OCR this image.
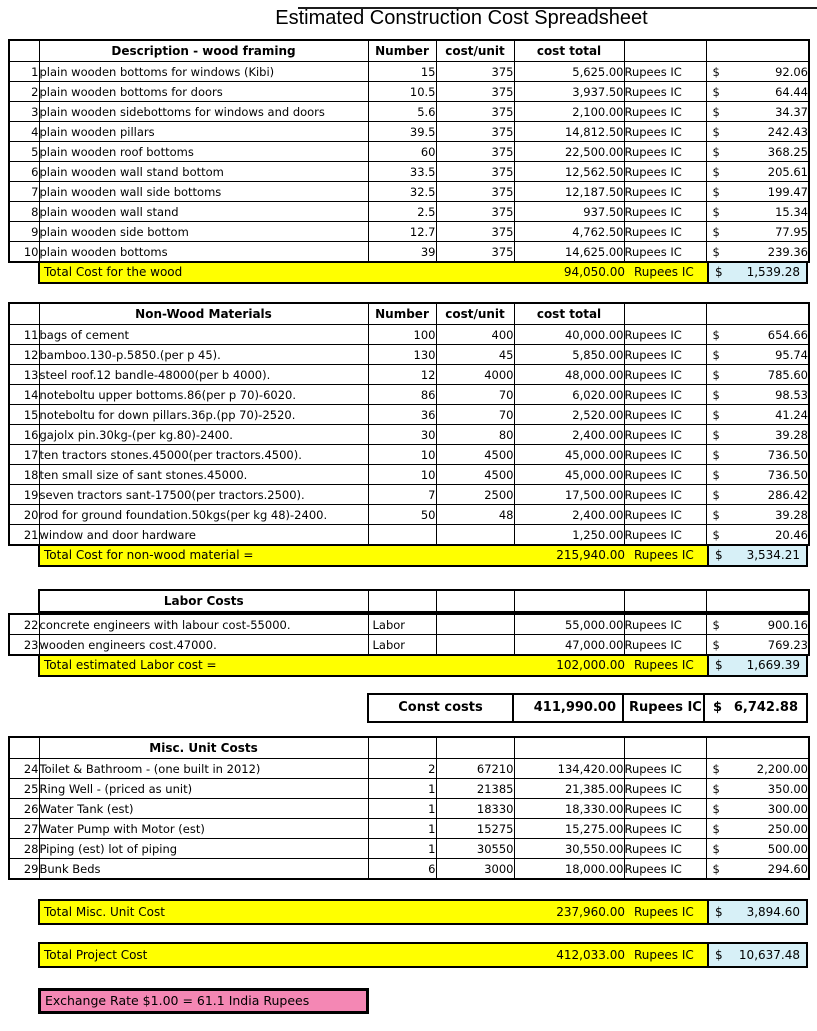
Estimated Construction Cost Spreadsheet
	Description - wood framing	Number	cost/unit	cost total		
1	plain wooden bottoms for windows (Kibi)	15	375	5,625.00	Rupees IC	$ 92.06
2	plain wooden bottoms for doors	10.5	375	3,937.50	Rupees IC	$ 64.44
3	plain wooden sidebottoms for windows and doors	5.6	375	2,100.00	Rupees IC	$ 34.37
4	plain wooden pillars	39.5	375	14,812.50	Rupees IC	$ 242.43
5	plain wooden roof bottoms	60	375	22,500.00	Rupees IC	$ 368.25
6	plain wooden wall stand bottom	33.5	375	12,562.50	Rupees IC	$ 205.61
7	plain wooden wall side bottoms	32.5	375	12,187.50	Rupees IC	$ 199.47
8	plain wooden wall stand	2.5	375	937.50	Rupees IC	$ 15.34
9	plain wooden side bottom	12.7	375	4,762.50	Rupees IC	$ 77.95
10	plain wooden bottoms	39	375	14,625.00	Rupees IC	$ 239.36
Total Cost for the wood	94,050.00 Rupees IC	$ 1,539.28
	Non-Wood Materials	Number	cost/unit	cost total		
11	bags of cement	100	400	40,000.00	Rupees IC	$ 654.66
12	bamboo.130-p.5850.(per p 45).	130	45	5,850.00	Rupees IC	$ 95.74
13	steel roof.12 bandle-48000(per b 4000).	12	4000	48,000.00	Rupees IC	$ 785.60
14	noteboltu upper bottoms.86(per p 70)-6020.	86	70	6,020.00	Rupees IC	$ 98.53
15	noteboltu for down pillars.36p.(pp 70)-2520.	36	70	2,520.00	Rupees IC	$ 41.24
16	gajolx pin.30kg-(per kg.80)-2400.	30	80	2,400.00	Rupees IC	$ 39.28
17	ten tractors stones.45000(per tractors.4500).	10	4500	45,000.00	Rupees IC	$ 736.50
18	ten small size of sant stones.45000.	10	4500	45,000.00	Rupees IC	$ 736.50
19	seven tractors sant-17500(per tractors.2500).	7	2500	17,500.00	Rupees IC	$ 286.42
20	rod for ground foundation.50kgs(per kg 48)-2400.	50	48	2,400.00	Rupees IC	$ 39.28
21	window and door hardware			1,250.00	Rupees IC	$ 20.46
Total Cost for non-wood material =	215,940.00 Rupees IC	$ 3,534.21
Labor Costs					
22	concrete engineers with labour cost-55000.	Labor		55,000.00	Rupees IC	$ 900.16
23	wooden engineers cost.47000.	Labor		47,000.00	Rupees IC	$ 769.23
Total estimated Labor cost =	102,000.00 Rupees IC	$ 1,669.39
Const costs	411,990.00	Rupees IC $ 6,742.88
	Misc. Unit Costs					
24	Toilet & Bathroom - (one built in 2012)	2	67210	134,420.00	Rupees IC	$ 2,200.00
25	Ring Well - (priced as unit)	1	21385	21,385.00	Rupees IC	$ 350.00
26	Water Tank (est)	1	18330	18,330.00	Rupees IC	$ 300.00
27	Water Pump with Motor (est)	1	15275	15,275.00	Rupees IC	$ 250.00
28	Piping (est) lot of piping	1	30550	30,550.00	Rupees IC	$ 500.00
29	Bunk Beds	6	3000	18,000.00	Rupees IC	$ 294.60
Total Misc. Unit Cost	237,960.00 Rupees IC	$ 3,894.60
Total Project Cost	412,033.00 Rupees IC	$ 10,637.48
Exchange Rate $1.00 = 61.1 India Rupees
